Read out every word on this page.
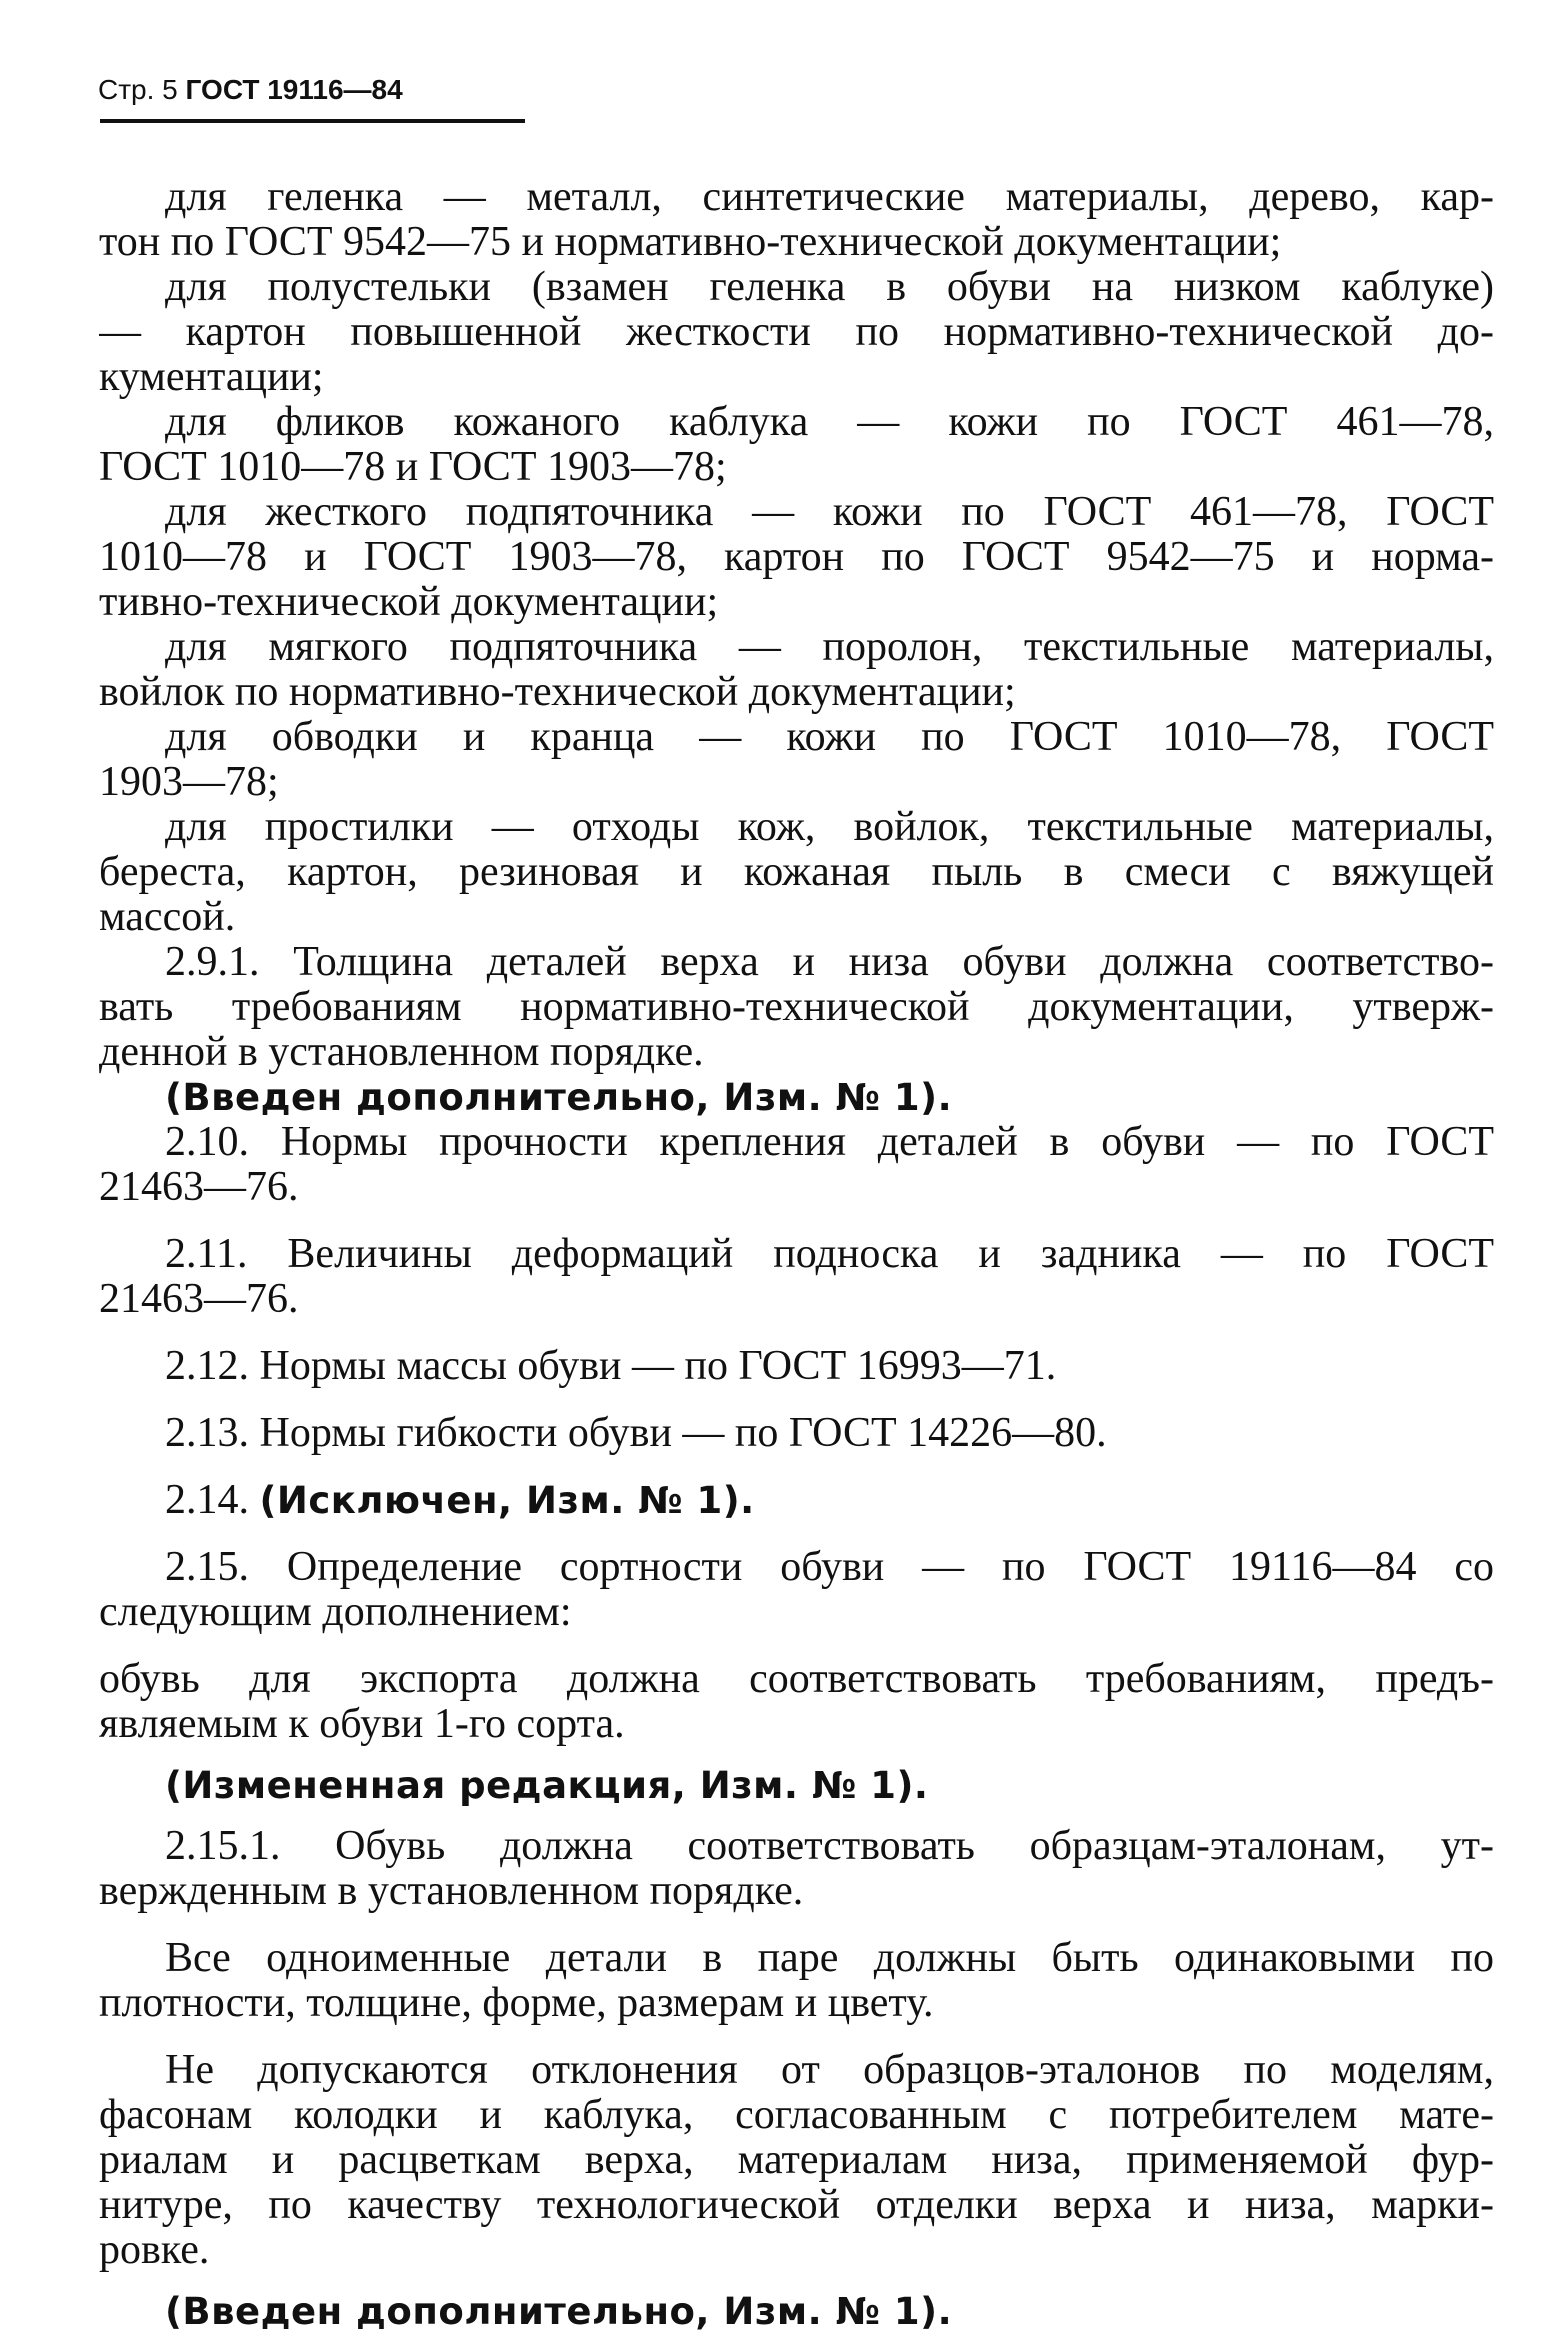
Стр. 5 ГОСТ 19116—84
для геленка — металл, синтетические материалы, дерево, кар-
тон по ГОСТ 9542—75 и нормативно-технической документации;
для полустельки (взамен геленка в обуви на низком каблуке)
— картон повышенной жесткости по нормативно-технической до-
кументации;
для фликов кожаного каблука — кожи по ГОСТ 461—78,
ГОСТ 1010—78 и ГОСТ 1903—78;
для жесткого подпяточника — кожи по ГОСТ 461—78, ГОСТ
1010—78 и ГОСТ 1903—78, картон по ГОСТ 9542—75 и норма-
тивно-технической документации;
для мягкого подпяточника — поролон, текстильные материалы,
войлок по нормативно-технической документации;
для обводки и кранца — кожи по ГОСТ 1010—78, ГОСТ
1903—78;
для простилки — отходы кож, войлок, текстильные материалы,
береста, картон, резиновая и кожаная пыль в смеси с вяжущей
массой.
2.9.1. Толщина деталей верха и низа обуви должна соответство-
вать требованиям нормативно-технической документации, утверж-
денной в установленном порядке.
(Введен дополнительно, Изм. № 1).
2.10. Нормы прочности крепления деталей в обуви — по ГОСТ
21463—76.
2.11. Величины деформаций подноска и задника — по ГОСТ
21463—76.
2.12. Нормы массы обуви — по ГОСТ 16993—71.
2.13. Нормы гибкости обуви — по ГОСТ 14226—80.
2.14. (Исключен, Изм. № 1).
2.15. Определение сортности обуви — по ГОСТ 19116—84 со
следующим дополнением:
обувь для экспорта должна соответствовать требованиям, предъ-
являемым к обуви 1-го сорта.
(Измененная редакция, Изм. № 1).
2.15.1. Обувь должна соответствовать образцам-эталонам, ут-
вержденным в установленном порядке.
Все одноименные детали в паре должны быть одинаковыми по
плотности, толщине, форме, размерам и цвету.
Не допускаются отклонения от образцов-эталонов по моделям,
фасонам колодки и каблука, согласованным с потребителем мате-
риалам и расцветкам верха, материалам низа, применяемой фур-
нитуре, по качеству технологической отделки верха и низа, марки-
ровке.
(Введен дополнительно, Изм. № 1).
